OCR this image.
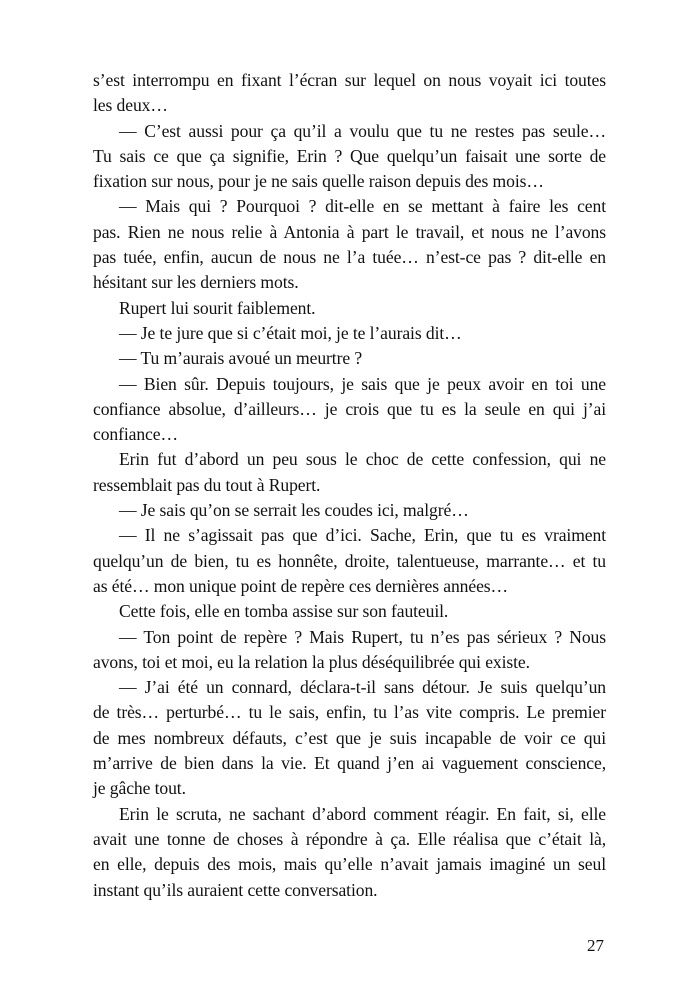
s’est interrompu en fixant l’écran sur lequel on nous voyait ici toutes
les deux…
— C’est aussi pour ça qu’il a voulu que tu ne restes pas seule…
Tu sais ce que ça signifie, Erin ? Que quelqu’un faisait une sorte de
fixation sur nous, pour je ne sais quelle raison depuis des mois…
— Mais qui ? Pourquoi ? dit-elle en se mettant à faire les cent
pas. Rien ne nous relie à Antonia à part le travail, et nous ne l’avons
pas tuée, enfin, aucun de nous ne l’a tuée… n’est-ce pas ? dit-elle en
hésitant sur les derniers mots.
Rupert lui sourit faiblement.
— Je te jure que si c’était moi, je te l’aurais dit…
— Tu m’aurais avoué un meurtre ?
— Bien sûr. Depuis toujours, je sais que je peux avoir en toi une
confiance absolue, d’ailleurs… je crois que tu es la seule en qui j’ai
confiance…
Erin fut d’abord un peu sous le choc de cette confession, qui ne
ressemblait pas du tout à Rupert.
— Je sais qu’on se serrait les coudes ici, malgré…
— Il ne s’agissait pas que d’ici. Sache, Erin, que tu es vraiment
quelqu’un de bien, tu es honnête, droite, talentueuse, marrante… et tu
as été… mon unique point de repère ces dernières années…
Cette fois, elle en tomba assise sur son fauteuil.
— Ton point de repère ? Mais Rupert, tu n’es pas sérieux ? Nous
avons, toi et moi, eu la relation la plus déséquilibrée qui existe.
— J’ai été un connard, déclara-t-il sans détour. Je suis quelqu’un
de très… perturbé… tu le sais, enfin, tu l’as vite compris. Le premier
de mes nombreux défauts, c’est que je suis incapable de voir ce qui
m’arrive de bien dans la vie. Et quand j’en ai vaguement conscience,
je gâche tout.
Erin le scruta, ne sachant d’abord comment réagir. En fait, si, elle
avait une tonne de choses à répondre à ça. Elle réalisa que c’était là,
en elle, depuis des mois, mais qu’elle n’avait jamais imaginé un seul
instant qu’ils auraient cette conversation.
27
